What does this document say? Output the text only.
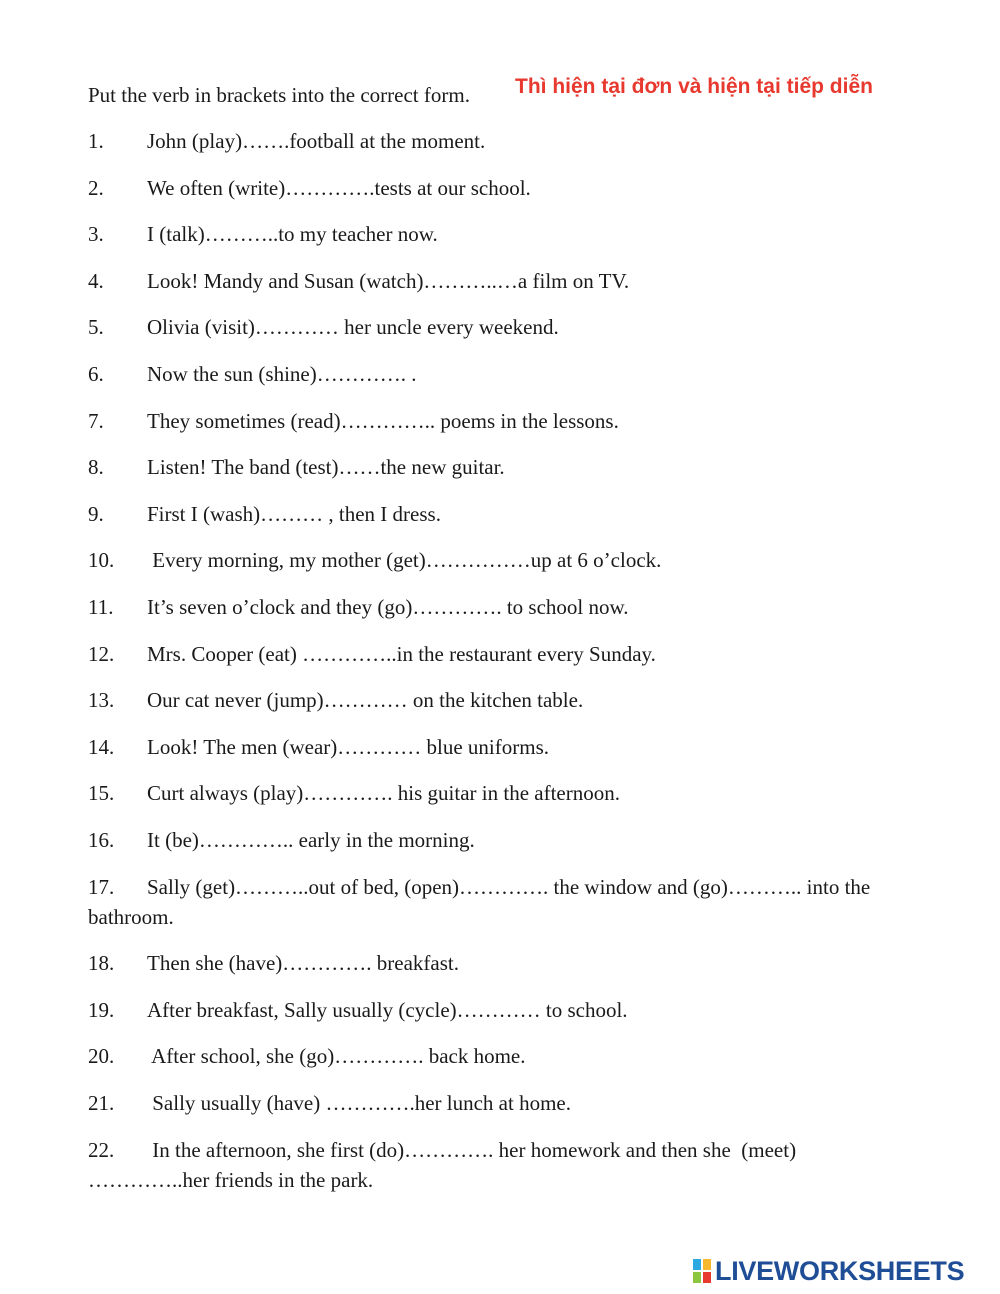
Put the verb in brackets into the correct form. Thì hiện tại đơn và hiện tại tiếp diễn
1. John (play)…….football at the moment.
2. We often (write)………….tests at our school.
3. I (talk)………..to my teacher now.
4. Look! Mandy and Susan (watch)………..…a film on TV.
5. Olivia (visit)………… her uncle every weekend.
6. Now the sun (shine)…………. .
7. They sometimes (read)………….. poems in the lessons.
8. Listen! The band (test)……the new guitar.
9. First I (wash)……… , then I dress.
10. Every morning, my mother (get)……………up at 6 o’clock.
11. It’s seven o’clock and they (go)…………. to school now.
12. Mrs. Cooper (eat) …………..in the restaurant every Sunday.
13. Our cat never (jump)………… on the kitchen table.
14. Look! The men (wear)………… blue uniforms.
15. Curt always (play)…………. his guitar in the afternoon.
16. It (be)………….. early in the morning.
17. Sally (get)………..out of bed, (open)…………. the window and (go)……….. into the bathroom.
18. Then she (have)…………. breakfast.
19. After breakfast, Sally usually (cycle)………… to school.
20. After school, she (go)…………. back home.
21. Sally usually (have) ………….her lunch at home.
22. In the afternoon, she first (do)…………. her homework and then she  (meet) …………..her friends in the park.
LIVEWORKSHEETS
